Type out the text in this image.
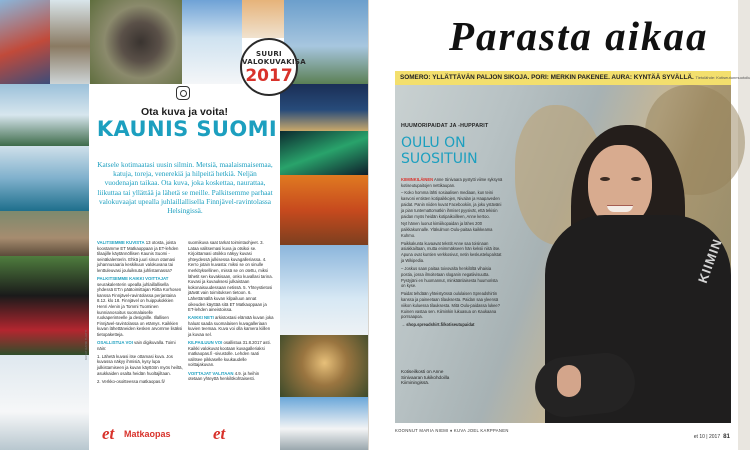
SUURI
VALOKUVAKISA
2017
Ota kuva ja voita!
KAUNIS SUOMI
Katsele kotimaatasi uusin silmin. Metsiä, maalaismaisemaa, katuja, toreja, venerekiä ja hilpeitä hetkiä. Neljän vuodenajan taikaa. Ota kuva, joka koskettaa, naurattaa, liikuttaa tai yllättää ja lähetä se meille. Palkitsemme parhaat valokuvaajat upealla juhlaillallisella Finnjävel-ravintolassa Helsingissä.

VALITSEMME KUVISTA 13 otosta, joista koostamme ET Matkaoppaan ja ET-lehden tilaajille käytännöllisen Kaunis Suomi -seinäkalenterin. Ehkä juuri sinun otamasi juhannusaaria keskikuun valokuvana tai lenttuleuvasi jouluiksuta juhlistamassa?

PALKITSEMME KAIKKI VOITTAJAT seurakalenterin upealla juhlaillallisella yhdessä ET:n päätoimittajan Riitta Korhosen kanssa Finnjävel-ravintolassa perjantaina 8.12. klo 18. Finnjävel on huippukokkien Henri Alenin ja Tommi Tuominen kunnianosoitus suomalaiselle ruokaperinteelle ja designille. Illallisen Finnjävel-ravintolassa on etämys. Kaikkien kuvan lähettäneiden kesken arvomme lisäksi tietopaketteja.

OSALLISTUA VOI vain digikuvalla. Toimi näin:

1. Lähetä kuvasi itse ottamasi kuva. Jos kuvassa näkyy ihmisiä, kysy lupa julkistamiseen ja kuvan käyttöön myös heiltä, asukkaiden osalta heidän huoltajiltaan.

2. Verkko-osoitteessa matkaopas.fi/

suomikuva saat tarkat toimintaohjeet. 3. Lataa valitsemasi kuva ja otsikoi se. Kirjoittamasi otsikko näkyy kuvasi yhteydessä julkisessa kuvagalleriassa. 4. Kerro jotain kuvasta: miksi se on sinulle merkityksellinen, missä se on otettu, miksi lähetit sen kuvakisaan, onko kuvallasi tarina. Kuvasi ja kuvauksesi julkaistaan kokonaisuudessaan netissä. 5. Yhteystietosi jäävät vain toimituksen tietoon. 6. Lähettämällä kuvan kilpailuun annat oikeuden käyttää sitä ET Matkaoppaan ja ET-lehden aineistoissa.

KAIKKI NETI arkistostasi elämää kuvan joka haluat saada suomalaisen kuvagalleriaan kuvien teemaa. Kuva voi olla kamera kiillen ja kuvaa sel.

KILPAILUUN VOI osallistua 31.8.2017 asti. Kaikki valokuvat kootaan kuvagalleriaksi matkaopas.fi -sivustolle. Lehden raati valitsee pikkaselle kuukaudelle voittajakuvan.

VOITTAJAT VALITAAN 4.9. ja heihin otetaan yhteyttä henkilökohtaisesti.

et Matkaopas et
KUVAT KATRI TUUTTI
Parasta aikaa
SOMERO: YLLÄTTÄVÄN PALJON SIKOJA. PORI: MERKIN PAKENEE. AURA: KYNTÄÄ SYVÄLLÄ. Tietolähde: Kotiseutunmuotoilu
KIIMIN
HUUMORIPAIDAT JA -HUPPARIT
OULU ON SUOSITUIN

KIIMINKILÄINEN Anne Sinivaara pystytti viime syksynä kotiseutupaitojen nettikaupan.

– Koko homma lähti sosiaalisen mediaan, kun teini kasvoni entisten kotipaikkojen, Nivalan ja Haapaveden paidat. Panin niiden kuvat Facebookiin, ja joku ystäväni ja pian tuntemattomatkin ihmiset pyysivät, että tekisin paidan myös heidän kotipaikoilleen, Anne kertoo.

Nyt hänen luonut kimiiikopaidan ja lähes 200 paikkakunnalle. Yläkulmon Oulu-paitaa kaikkeama Kuhmo.

Paikkakunta kuvaavat tekstit Anne saa toisinaan asiakkailtaan, mutta enimmäkseen hän keksii niitä itse. Apuna ovat kuntien verkkosivut, netin keskustelupalstat ja Wikipedia.

– Joskus saan paitaa toivovalta henkilöltä vihaisia postia, jossa ilmoitetaan sloganin negatiivisuutta. Pystyjäni en huomannut, minkäänlaisesta huumorista on kyse.

Paidat tehdään yhteistyössä oululaisen Spreadshirtin kanssa ja paineetaan tilauksesta. Paidan saa yleensä viikon kuluessa tilauksesta. Mitä Oulu-paidassa lukee? Kuinen vastaa sen. Kiiminkin lukuasua on Kaukaana porrsaapoa.

→ shop.spreadshirt.fi/kotiseutupaidat

Kotiseilkosti on Anne Sinivaaran tukikohdoilla Kiiminingissä.
KOONNUT MARIA NIEMI ♦ KUVA JOEL KARPPANEN
et 10 | 2017 81
